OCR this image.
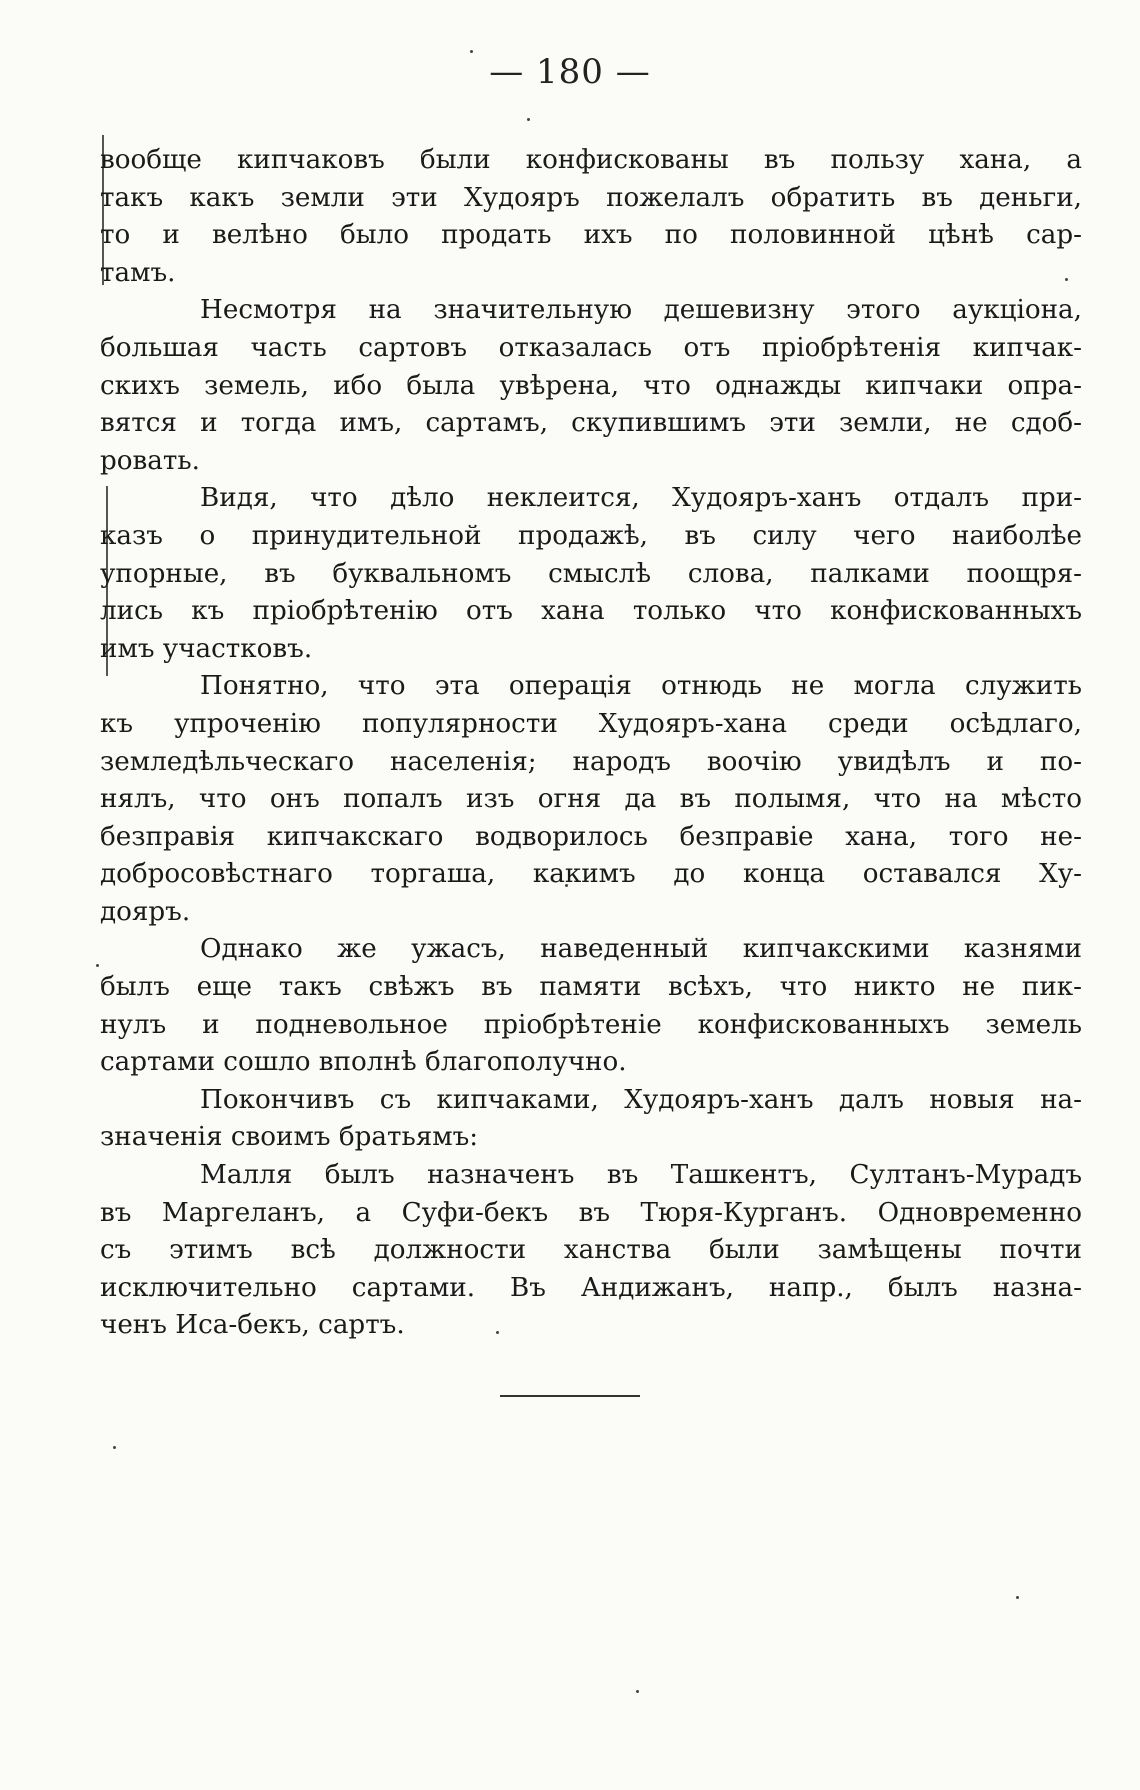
— 180 —
вообще кипчаковъ были конфискованы въ пользу хана, а
такъ какъ земли эти Худояръ пожелалъ обратить въ деньги,
то и велѣно было продать ихъ по половинной цѣнѣ сар-
тамъ.
Несмотря на значительную дешевизну этого аукціона,
большая часть сартовъ отказалась отъ пріобрѣтенія кипчак-
скихъ земель, ибо была увѣрена, что однажды кипчаки опра-
вятся и тогда имъ, сартамъ, скупившимъ эти земли, не сдоб-
ровать.
Видя, что дѣло неклеится, Худояръ-ханъ отдалъ при-
казъ о принудительной продажѣ, въ силу чего наиболѣе
упорные, въ буквальномъ смыслѣ слова, палками поощря-
лись къ пріобрѣтенію отъ хана только что конфискованныхъ
имъ участковъ.
Понятно, что эта операція отнюдь не могла служить
къ упроченію популярности Худояръ-хана среди осѣдлаго,
земледѣльческаго населенія; народъ воочію увидѣлъ и по-
нялъ, что онъ попалъ изъ огня да въ полымя, что на мѣсто
безправія кипчакскаго водворилось безправіе хана, того не-
добросовѣстнаго торгаша, какимъ до конца оставался Ху-
дояръ.
Однако же ужасъ, наведенный кипчакскими казнями
былъ еще такъ свѣжъ въ памяти всѣхъ, что никто не пик-
нулъ и подневольное пріобрѣтеніе конфискованныхъ земель
сартами сошло вполнѣ благополучно.
Покончивъ съ кипчаками, Худояръ-ханъ далъ новыя на-
значенія своимъ братьямъ:
Малля былъ назначенъ въ Ташкентъ, Султанъ-Мурадъ
въ Маргеланъ, а Суфи-бекъ въ Тюря-Курганъ. Одновременно
съ этимъ всѣ должности ханства были замѣщены почти
исключительно сартами. Въ Андижанъ, напр., былъ назна-
ченъ Иса-бекъ, сартъ.
